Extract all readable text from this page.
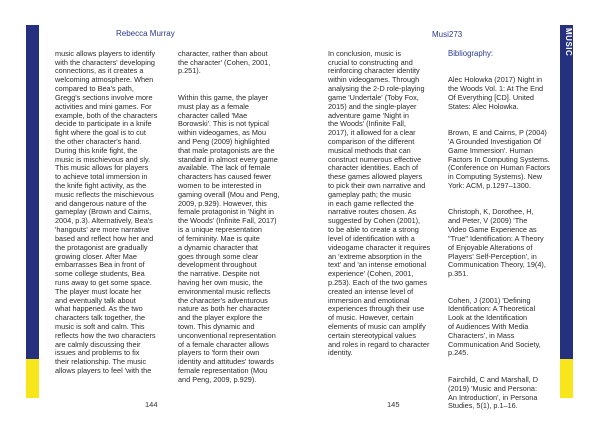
MUSIC
Rebecca Murray	Musi273

music allows players to identify
with the characters' developing
connections, as it creates a
welcoming atmosphere. When
compared to Bea's path,
Gregg's sections involve more
activities and mini games. For
example, both of the characters
decide to participate in a knife
fight where the goal is to cut
the other character's hand.
During this knife fight, the
music is mischievous and sly.
This music allows for players
to achieve total immersion in
the knife fight activity, as the
music reflects the mischievous
and dangerous nature of the
gameplay (Brown and Cairns,
2004, p.3). Alternatively, Bea's
'hangouts' are more narrative
based and reflect how her and
the protagonist are gradually
growing closer. After Mae
embarrasses Bea in front of
some college students, Bea
runs away to get some space.
The player must locate her
and eventually talk about
what happened. As the two
characters talk together, the
music is soft and calm. This
reflects how the two characters
are calmly discussing their
issues and problems to fix
their relationship. The music
allows players to feel 'with the

character, rather than about
the character' (Cohen, 2001,
p.251).

Within this game, the player
must play as a female
character called 'Mae
Borowski'. This is not typical
within videogames, as Mou
and Peng (2009) highlighted
that male protagonists are the
standard in almost every game
available. The lack of female
characters has caused fewer
women to be interested in
gaming overall (Mou and Peng,
2009, p.929). However, this
female protagonist in 'Night in
the Woods' (Infinite Fall, 2017)
is a unique representation
of femininity. Mae is quite
a dynamic character that
goes through some clear
development throughout
the narrative. Despite not
having her own music, the
environmental music reflects
the character's adventurous
nature as both her character
and the player explore the
town. This dynamic and
unconventional representation
of a female character allows
players to 'form their own
identity and attitudes' towards
female representation (Mou
and Peng, 2009, p.929).

In conclusion, music is
crucial to constructing and
reinforcing character identity
within videogames. Through
analysing the 2-D role-playing
game 'Undertale' (Toby Fox,
2015) and the single-player
adventure game 'Night in
the Woods' (Infinite Fall,
2017), it allowed for a clear
comparison of the different
musical methods that can
construct numerous effective
character identities. Each of
these games allowed players
to pick their own narrative and
gameplay path; the music
in each game reflected the
narrative routes chosen. As
suggested by Cohen (2001),
to be able to create a strong
level of identification with a
videogame character it requires
an 'extreme absorption in the
text' and 'an intense emotional
experience' (Cohen, 2001,
p.253). Each of the two games
created an intense level of
immersion and emotional
experiences through their use
of music. However, certain
elements of music can amplify
certain stereotypical values
and roles in regard to character
identity.

Bibliography:

Alec Holowka (2017) Night in
the Woods Vol. 1: At The End
Of Everything [CD]. United
States: Alec Holowka.

Brown, E and Cairns, P (2004)
'A Grounded Investigation Of
Game Immersion'. Human
Factors In Computing Systems.
(Conference on Human Factors
in Computing Systems). New
York: ACM, p.1297–1300.

Christoph, K, Dorothee, H,
and Peter, V (2009) 'The
Video Game Experience as
"True" Identification: A Theory
of Enjoyable Alterations of
Players' Self-Perception', in
Communication Theory, 19(4),
p.351.

Cohen, J (2001) 'Defining
Identification: A Theoretical
Look at the Identification
of Audiences With Media
Characters', in Mass
Communication And Society,
p.245.

Fairchild, C and Marshall, D
(2019) 'Music and Persona:
An Introduction', in Persona
Studies, 5(1), p.1–16.

144	145
